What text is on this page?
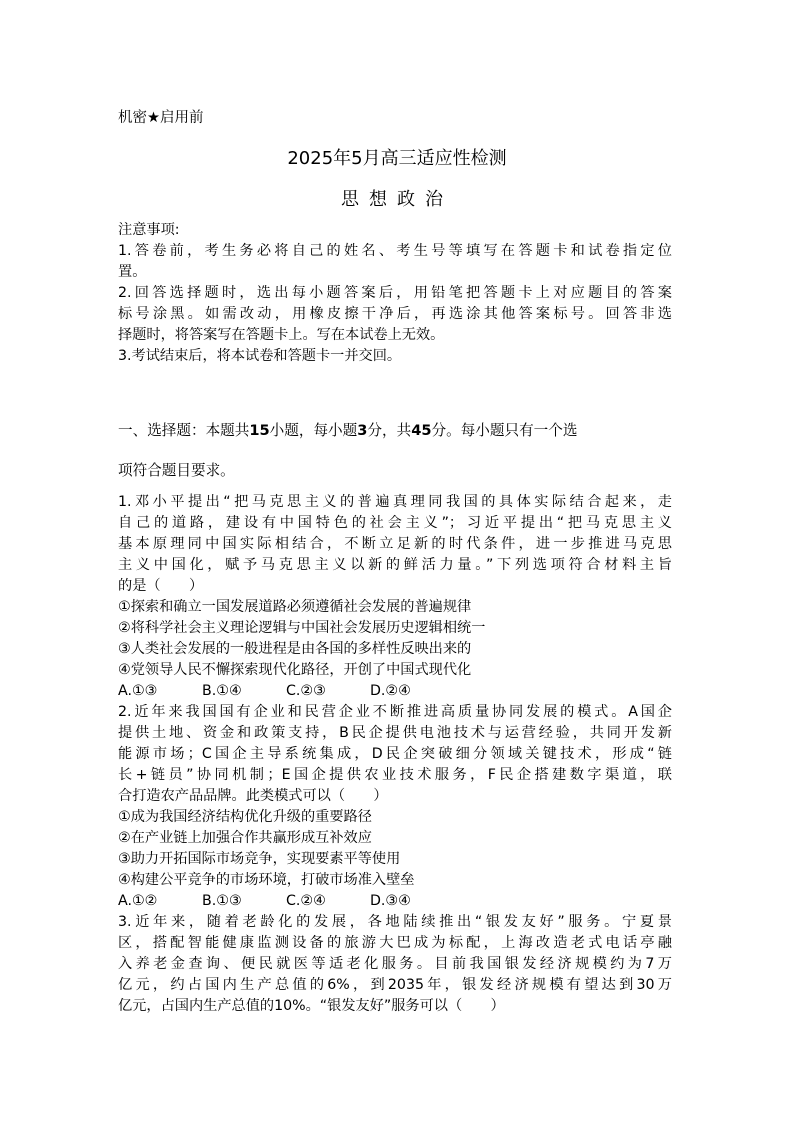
机密★启用前
2025年5月高三适应性检测
思想政治
注意事项:
1.答卷前，考生务必将自己的姓名、考生号等填写在答题卡和试卷指定位
置。
2.回答选择题时，选出每小题答案后，用铅笔把答题卡上对应题目的答案
标号涂黑。如需改动，用橡皮擦干净后，再选涂其他答案标号。回答非选
择题时，将答案写在答题卡上。写在本试卷上无效。
3.考试结束后，将本试卷和答题卡一并交回。
一、选择题：本题共15小题，每小题3分，共45分。每小题只有一个选
项符合题目要求。
1.邓小平提出“把马克思主义的普遍真理同我国的具体实际结合起来，走
自己的道路，建设有中国特色的社会主义”；习近平提出“把马克思主义
基本原理同中国实际相结合，不断立足新的时代条件，进一步推进马克思
主义中国化，赋予马克思主义以新的鲜活力量。”下列选项符合材料主旨
的是（　　）
①探索和确立一国发展道路必须遵循社会发展的普遍规律
②将科学社会主义理论逻辑与中国社会发展历史逻辑相统一
③人类社会发展的一般进程是由各国的多样性反映出来的
④党领导人民不懈探索现代化路径，开创了中国式现代化
A.①③	B.①④	C.②③	D.②④
2.近年来我国国有企业和民营企业不断推进高质量协同发展的模式。A国企
提供土地、资金和政策支持，B民企提供电池技术与运营经验，共同开发新
能源市场；C国企主导系统集成，D民企突破细分领域关键技术，形成“链
长+链员”协同机制；E国企提供农业技术服务，F民企搭建数字渠道，联
合打造农产品品牌。此类模式可以（　　）
①成为我国经济结构优化升级的重要路径
②在产业链上加强合作共赢形成互补效应
③助力开拓国际市场竞争，实现要素平等使用
④构建公平竞争的市场环境，打破市场准入壁垒
A.①②	B.①③	C.②④	D.③④
3.近年来，随着老龄化的发展，各地陆续推出“银发友好”服务。宁夏景
区，搭配智能健康监测设备的旅游大巴成为标配，上海改造老式电话亭融
入养老金查询、便民就医等适老化服务。目前我国银发经济规模约为7万
亿元，约占国内生产总值的6%，到2035年，银发经济规模有望达到30万
亿元，占国内生产总值的10%。“银发友好”服务可以（　　）
